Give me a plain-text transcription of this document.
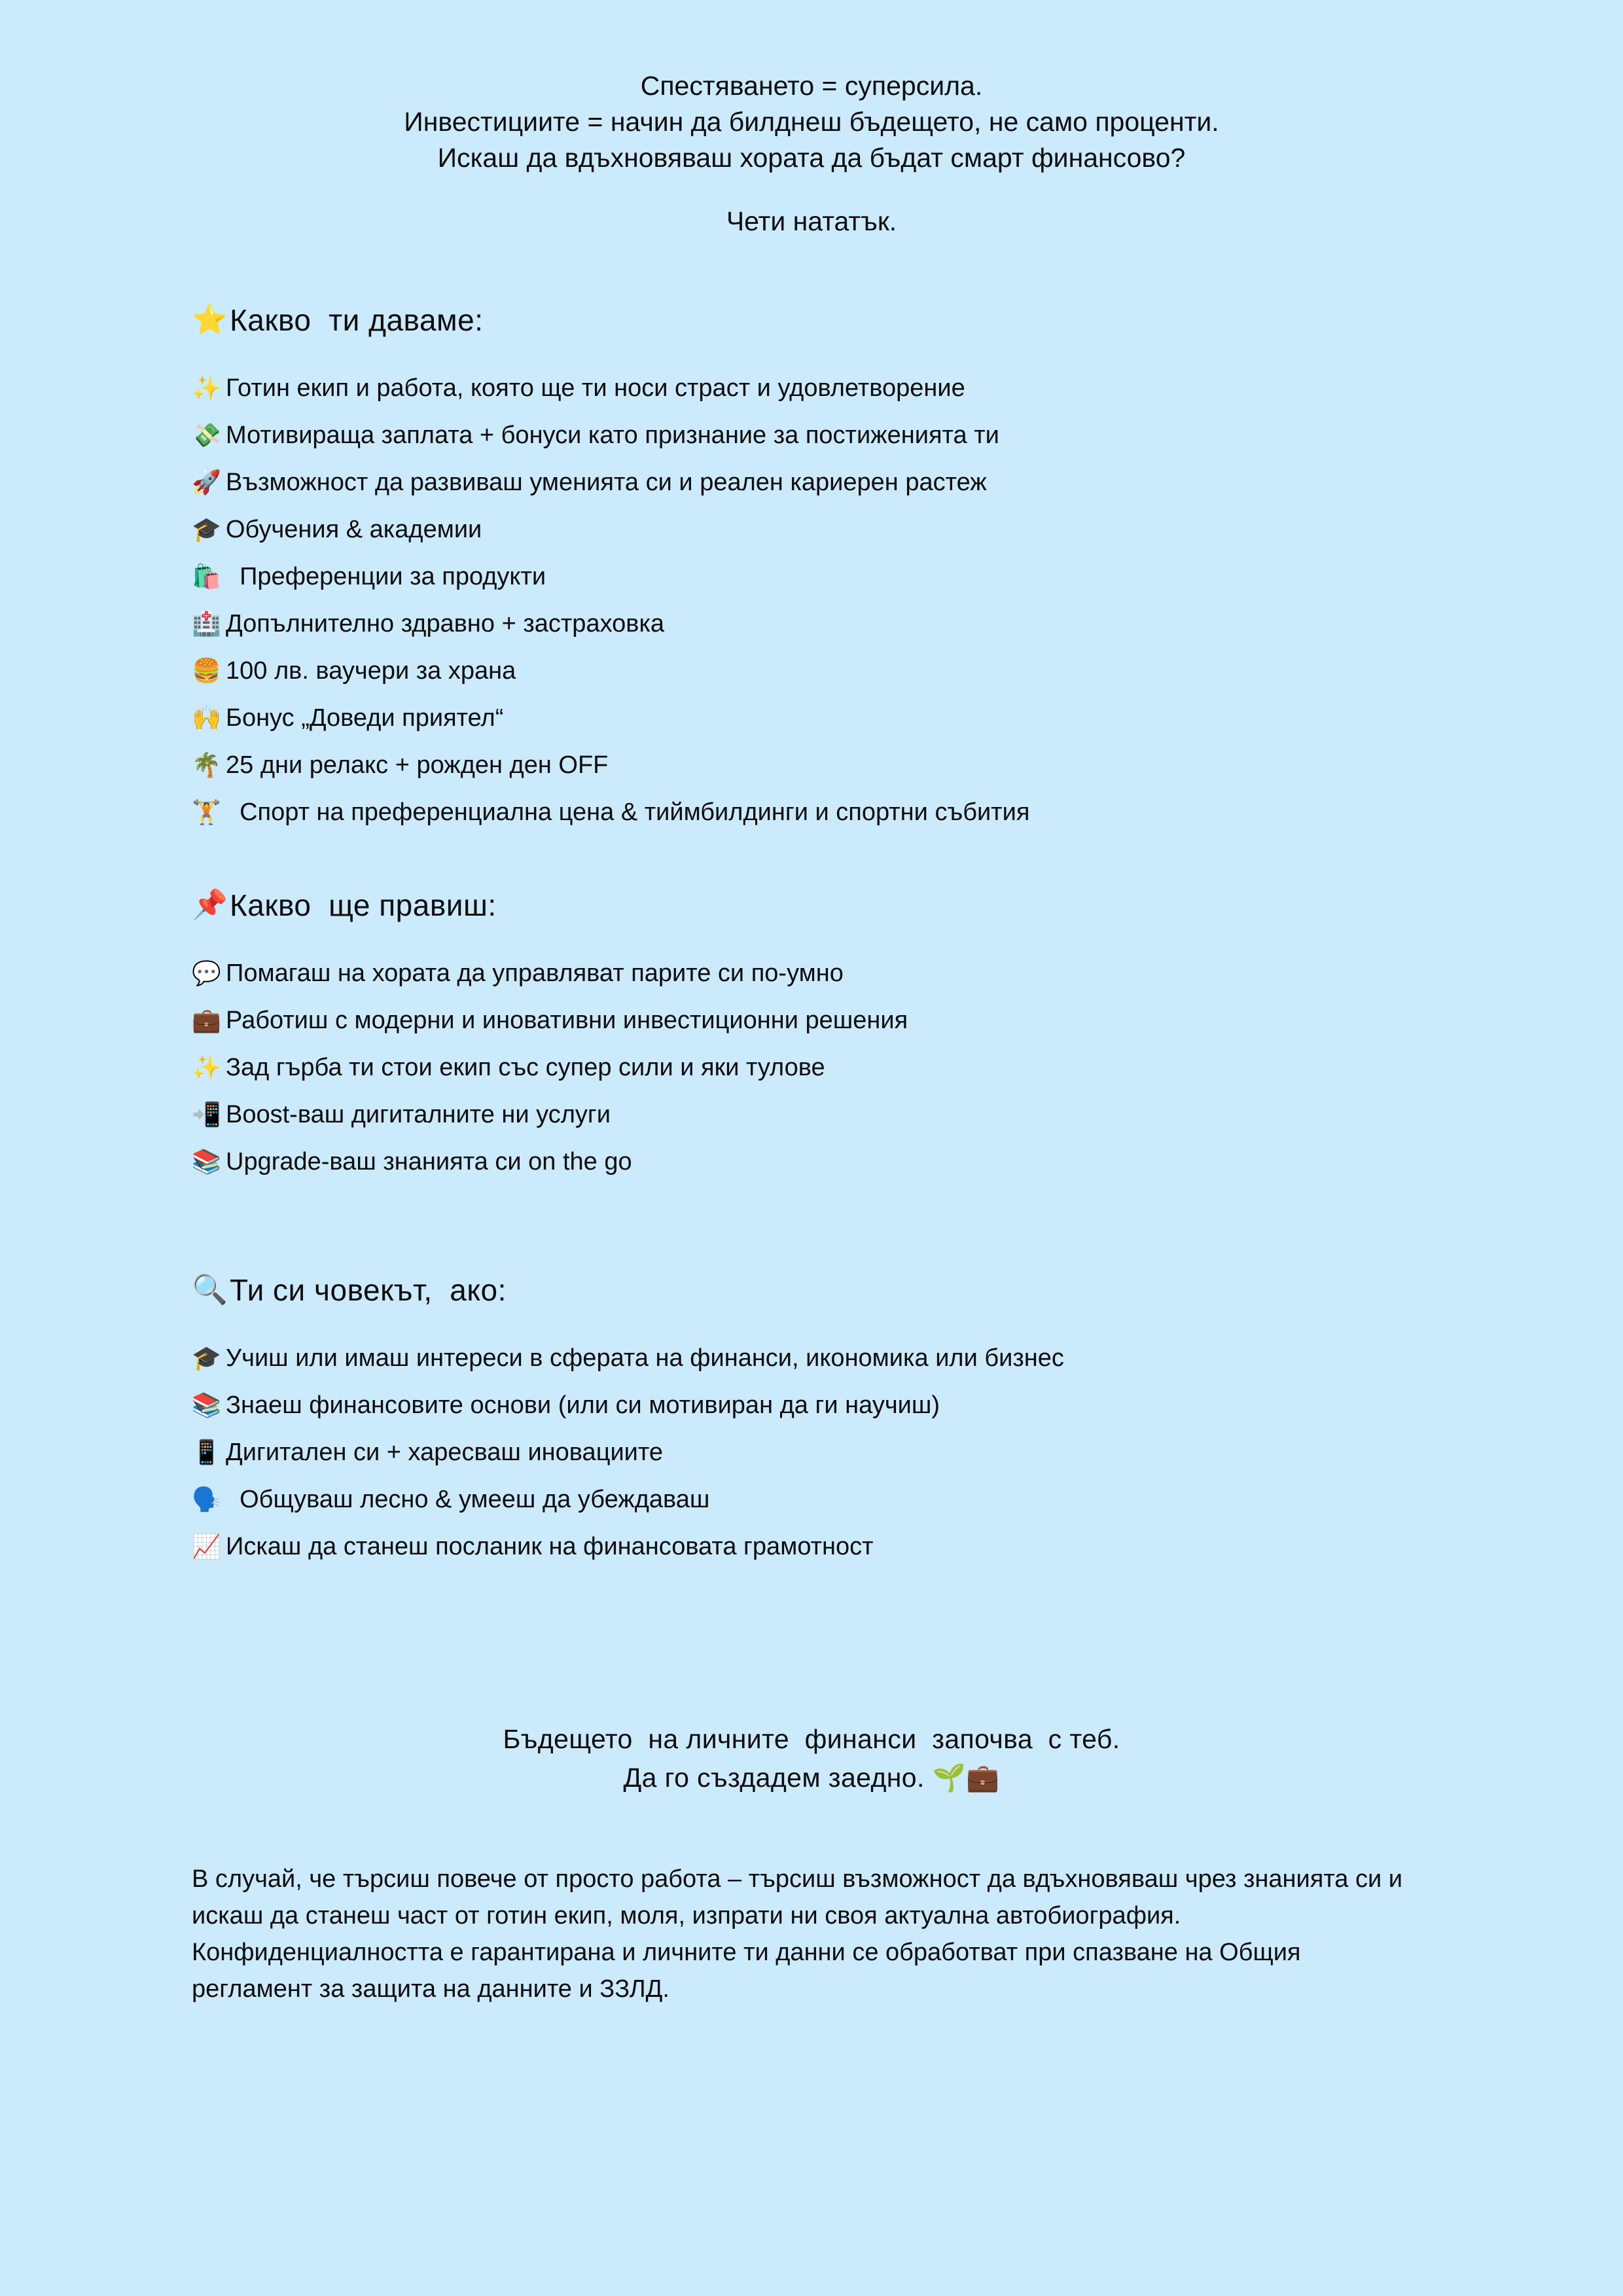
Спестяването = суперсила.
Инвестициите = начин да билднеш бъдещето, не само проценти.
Искаш да вдъхновяваш хората да бъдат смарт финансово?
Чети нататък.
⭐ Какво  ти даваме:
✨ Готин екип и работа, която ще ти носи страст и удовлетворение
💸 Мотивираща заплата + бонуси като признание за постиженията ти
🚀 Възможност да развиваш уменията си и реален кариерен растеж
🎓 Обучения & академии
🛍️ Преференции за продукти
🏥 Допълнително здравно + застраховка
🍔 100 лв. ваучери за храна
🙌 Бонус „Доведи приятел“
🌴 25 дни релакс + рожден ден OFF
🏋️ Спорт на преференциална цена & тиймбилдинги и спортни събития
📌 Какво  ще правиш:
💬 Помагаш на хората да управляват парите си по-умно
💼 Работиш с модерни и иновативни инвестиционни решения
✨ Зад гърба ти стои екип със супер сили и яки тулове
📲 Boost-ваш дигиталните ни услуги
📚 Upgrade-ваш знанията си on the go
🔍 Ти си човекът,  ако:
🎓 Учиш или имаш интереси в сферата на финанси, икономика или бизнес
📚 Знаеш финансовите основи (или си мотивиран да ги научиш)
📱 Дигитален си + харесваш иновациите
🗣️ Общуваш лесно & умееш да убеждаваш
📈 Искаш да станеш посланик на финансовата грамотност
Бъдещето  на личните  финанси  започва  с теб.
Да го създадем заедно. 🌱💼

В случай, че търсиш повече от просто работа – търсиш възможност да вдъхновяваш чрез знанията си и искаш да станеш част от готин екип, моля, изпрати ни своя актуална автобиография.

Конфиденциалността е гарантирана и личните ти данни се обработват при спазване на Общия регламент за защита на данните и ЗЗЛД.
